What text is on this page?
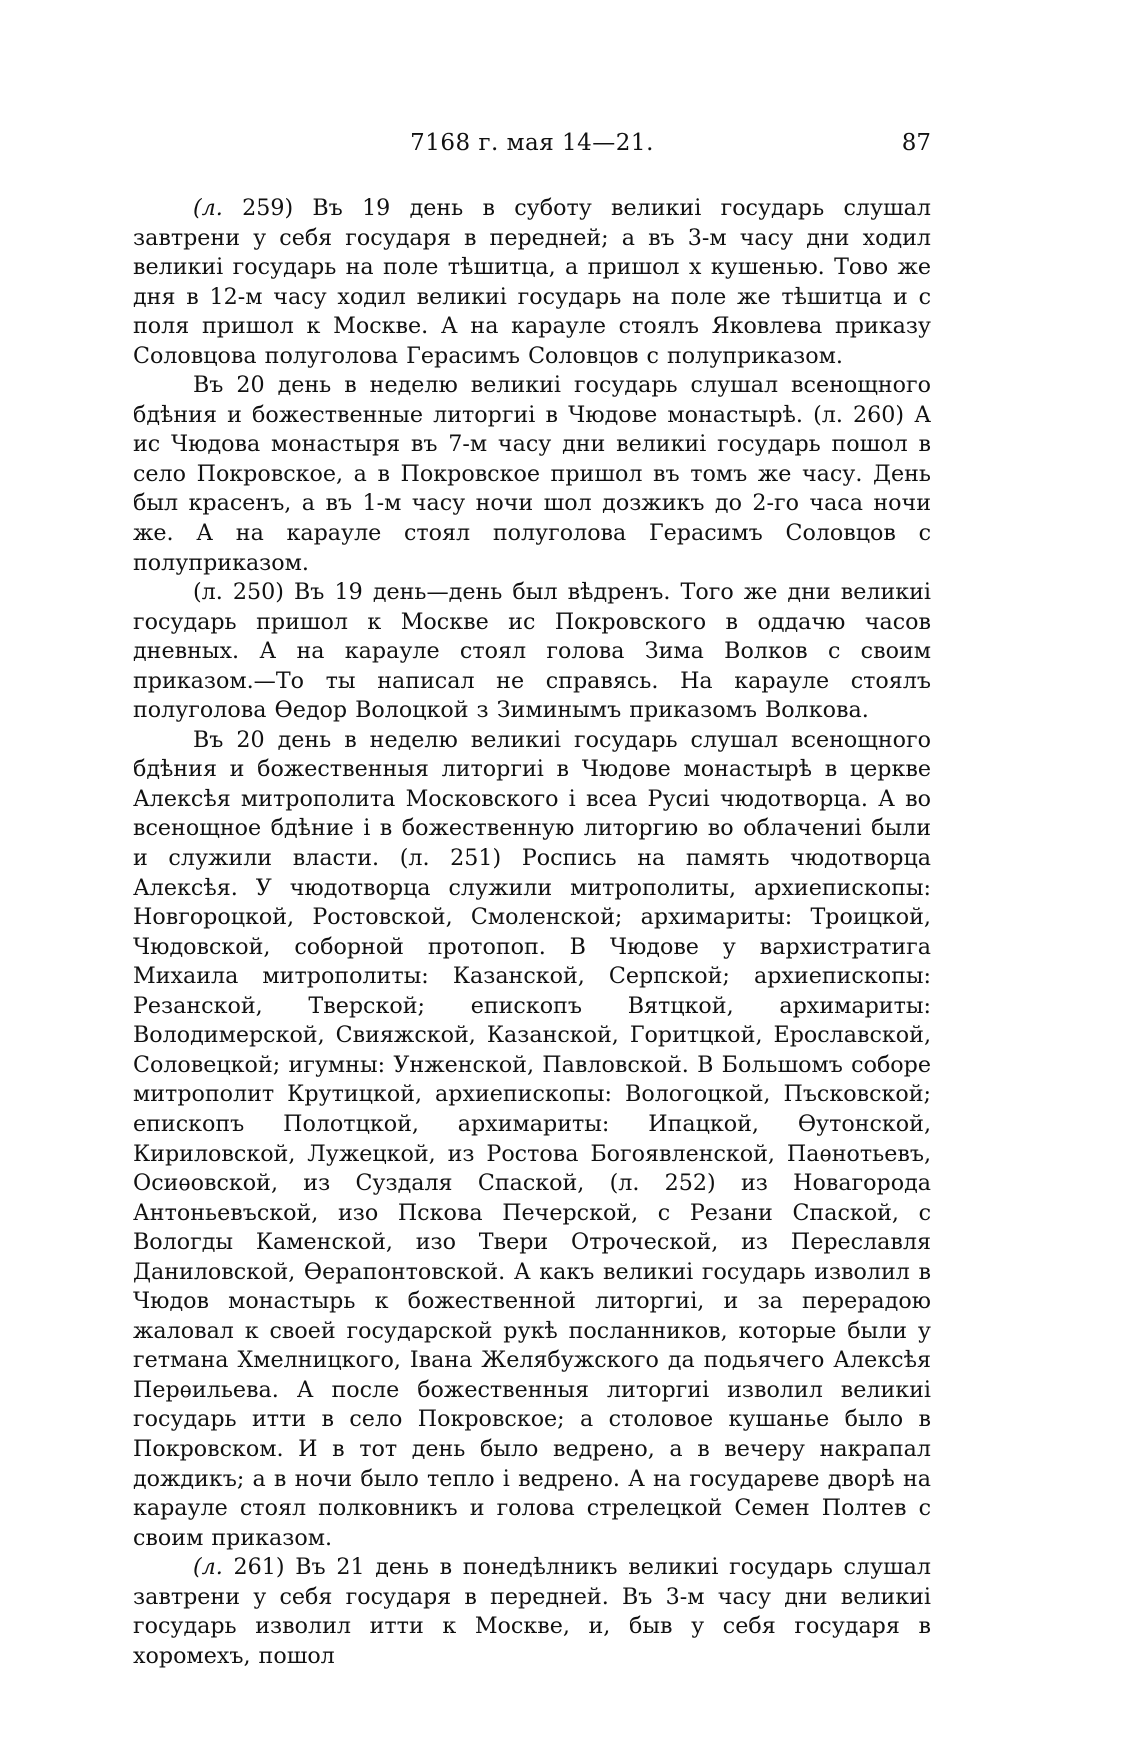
7168 г. мая 14—21.	87

(л. 259) Въ 19 день в суботу великиі государь слушал завтрени у себя государя в передней; а въ 3-м часу дни ходил великиі государь на поле тѣшитца, а пришол х кушенью. Тово же дня в 12-м часу ходил великиі государь на поле же тѣшитца и с поля пришол к Москве. А на карауле стоялъ Яковлева приказу Соловцова полуголова Герасимъ Соловцов с полуприказом.

Въ 20 день в неделю великиі государь слушал всенощного бдѣния и божественные литоргиі в Чюдове монастырѣ. (л. 260) А ис Чюдова монастыря въ 7-м часу дни великиі государь пошол в село Покровское, а в Покровское пришол въ томъ же часу. День был красенъ, а въ 1-м часу ночи шол дозжикъ до 2-го часа ночи же. А на карауле стоял полуголова Герасимъ Соловцов с полуприказом.

(л. 250) Въ 19 день—день был вѣдренъ. Того же дни великиі государь пришол к Москве ис Покровского в оддачю часов дневных. А на карауле стоял голова Зима Волков с своим приказом.—То ты написал не справясь. На карауле стоялъ полуголова Ѳедор Волоцкой з Зиминымъ приказомъ Волкова.

Въ 20 день в неделю великиі государь слушал всенощного бдѣния и божественныя литоргиі в Чюдове монастырѣ в церкве Алексѣя митрополита Московского і всеа Русиі чюдотворца. А во всенощное бдѣние і в божественную литоргию во облачениі были и служили власти. (л. 251) Роспись на память чюдотворца Алексѣя. У чюдотворца служили митрополиты, архиепископы: Новгороцкой, Ростовской, Смоленской; архимариты: Троицкой, Чюдовской, соборной протопоп. В Чюдове у вархистратига Михаила митрополиты: Казанской, Серпской; архиепископы: Резанской, Тверской; епископъ Вятцкой, архимариты: Володимерской, Свияжской, Казанской, Горитцкой, Ерославской, Соловецкой; игумны: Унженской, Павловской. В Большомъ соборе митрополит Крутицкой, архиепископы: Вологоцкой, Пъсковской; епископъ Полотцкой, архимариты: Ипацкой, Ѳутонской, Кириловской, Лужецкой, из Ростова Богоявленской, Паѳнотьевъ, Осиѳовской, из Суздаля Спаской, (л. 252) из Новагорода Антоньевъской, изо Пскова Печерской, с Резани Спаской, с Вологды Каменской, изо Твери Отроческой, из Переславля Даниловской, Ѳерапонтовской. А какъ великиі государь изволил в Чюдов монастырь к божественной литоргиі, и за перерадою жаловал к своей государской рукѣ посланников, которые были у гетмана Хмелницкого, Івана Желябужского да подьячего Алексѣя Перѳильева. А после божественныя литоргиі изволил великиі государь итти в село Покровское; а столовое кушанье было в Покровском. И в тот день было ведрено, а в вечеру накрапал дождикъ; а в ночи было тепло і ведрено. А на государеве дворѣ на карауле стоял полковникъ и голова стрелецкой Семен Полтев с своим приказом.

(л. 261) Въ 21 день в понедѣлникъ великиі государь слушал завтрени у себя государя в передней. Въ 3-м часу дни великиі государь изволил итти к Москве, и, быв у себя государя в хоромехъ, пошол
